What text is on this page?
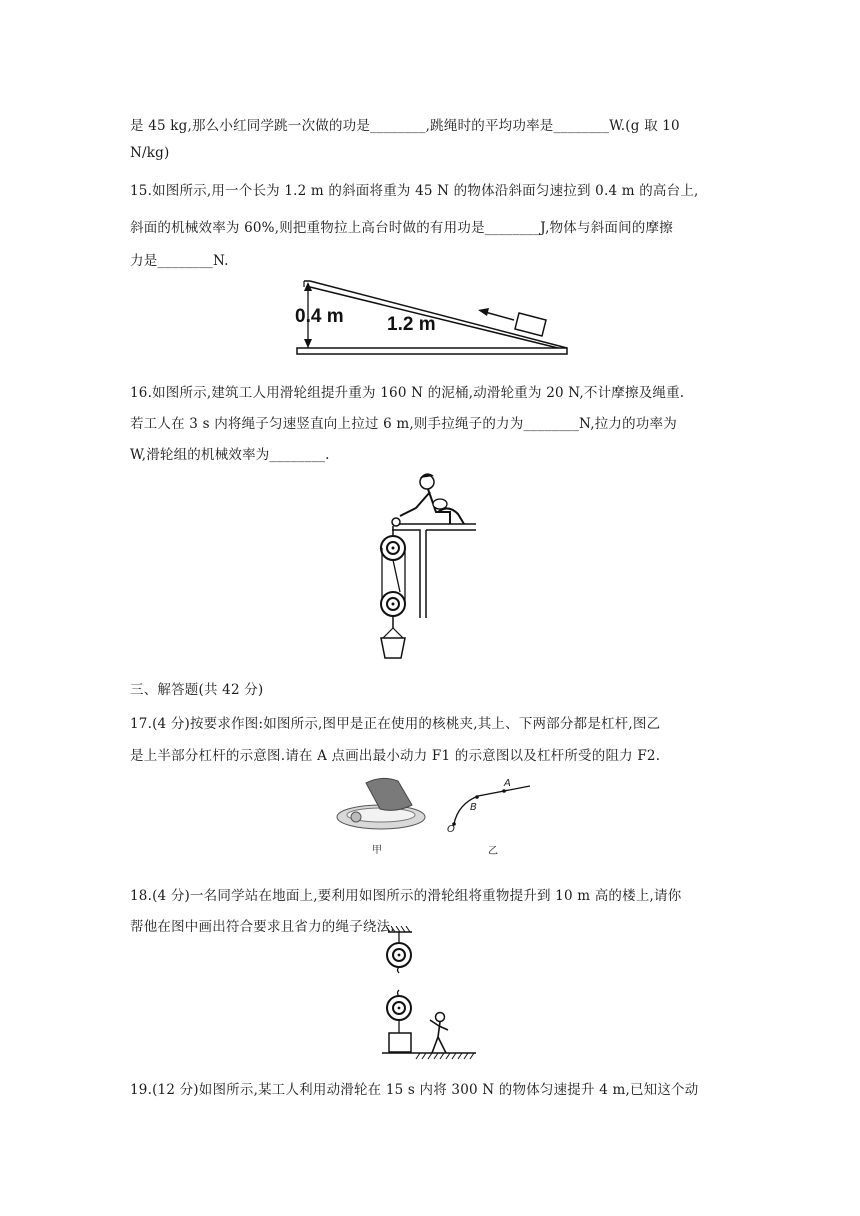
是 45 kg,那么小红同学跳一次做的功是________,跳绳时的平均功率是________W.(g 取 10
N/kg)
15.如图所示,用一个长为 1.2 m 的斜面将重为 45 N 的物体沿斜面匀速拉到 0.4 m 的高台上,
斜面的机械效率为 60%,则把重物拉上高台时做的有用功是________J,物体与斜面间的摩擦
力是________N.
0.4 m 1.2 m
16.如图所示,建筑工人用滑轮组提升重为 160 N 的泥桶,动滑轮重为 20 N,不计摩擦及绳重.
若工人在 3 s 内将绳子匀速竖直向上拉过 6 m,则手拉绳子的力为________N,拉力的功率为
W,滑轮组的机械效率为________.
三、解答题(共 42 分)
17.(4 分)按要求作图:如图所示,图甲是正在使用的核桃夹,其上、下两部分都是杠杆,图乙
是上半部分杠杆的示意图.请在 A 点画出最小动力 F1 的示意图以及杠杆所受的阻力 F2.
甲
A
B
O
乙
18.(4 分)一名同学站在地面上,要利用如图所示的滑轮组将重物提升到 10 m 高的楼上,请你
帮他在图中画出符合要求且省力的绳子绕法.
19.(12 分)如图所示,某工人利用动滑轮在 15 s 内将 300 N 的物体匀速提升 4 m,已知这个动
